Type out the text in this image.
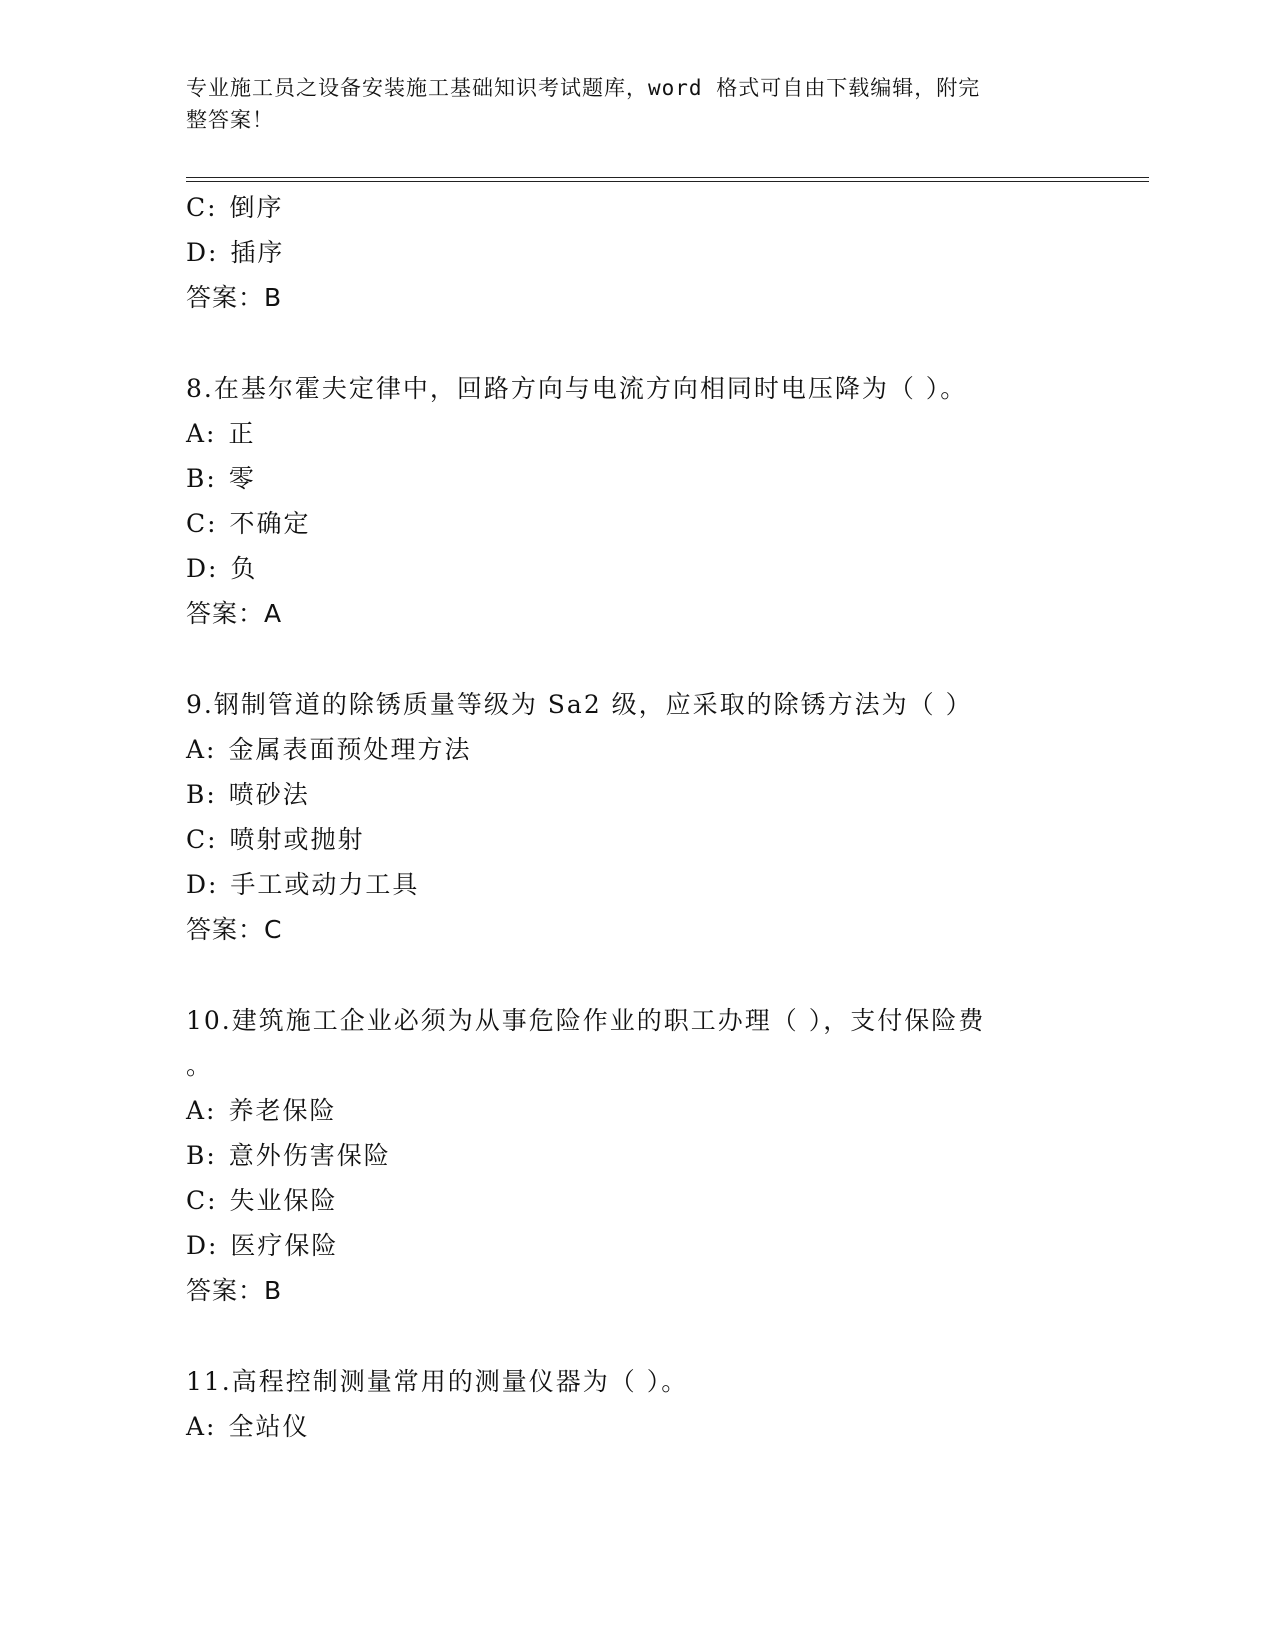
专业施工员之设备安装施工基础知识考试题库，word 格式可自由下载编辑，附完
整答案！
C: 倒序
D: 插序
答案：B
8.在基尔霍夫定律中，回路方向与电流方向相同时电压降为（ ）。
A: 正
B: 零
C: 不确定
D: 负
答案：A
9.钢制管道的除锈质量等级为 Sa2 级，应采取的除锈方法为（ ）
A: 金属表面预处理方法
B: 喷砂法
C: 喷射或抛射
D: 手工或动力工具
答案：C
10.建筑施工企业必须为从事危险作业的职工办理（ ），支付保险费
。
A: 养老保险
B: 意外伤害保险
C: 失业保险
D: 医疗保险
答案：B
11.高程控制测量常用的测量仪器为（ ）。
A: 全站仪
